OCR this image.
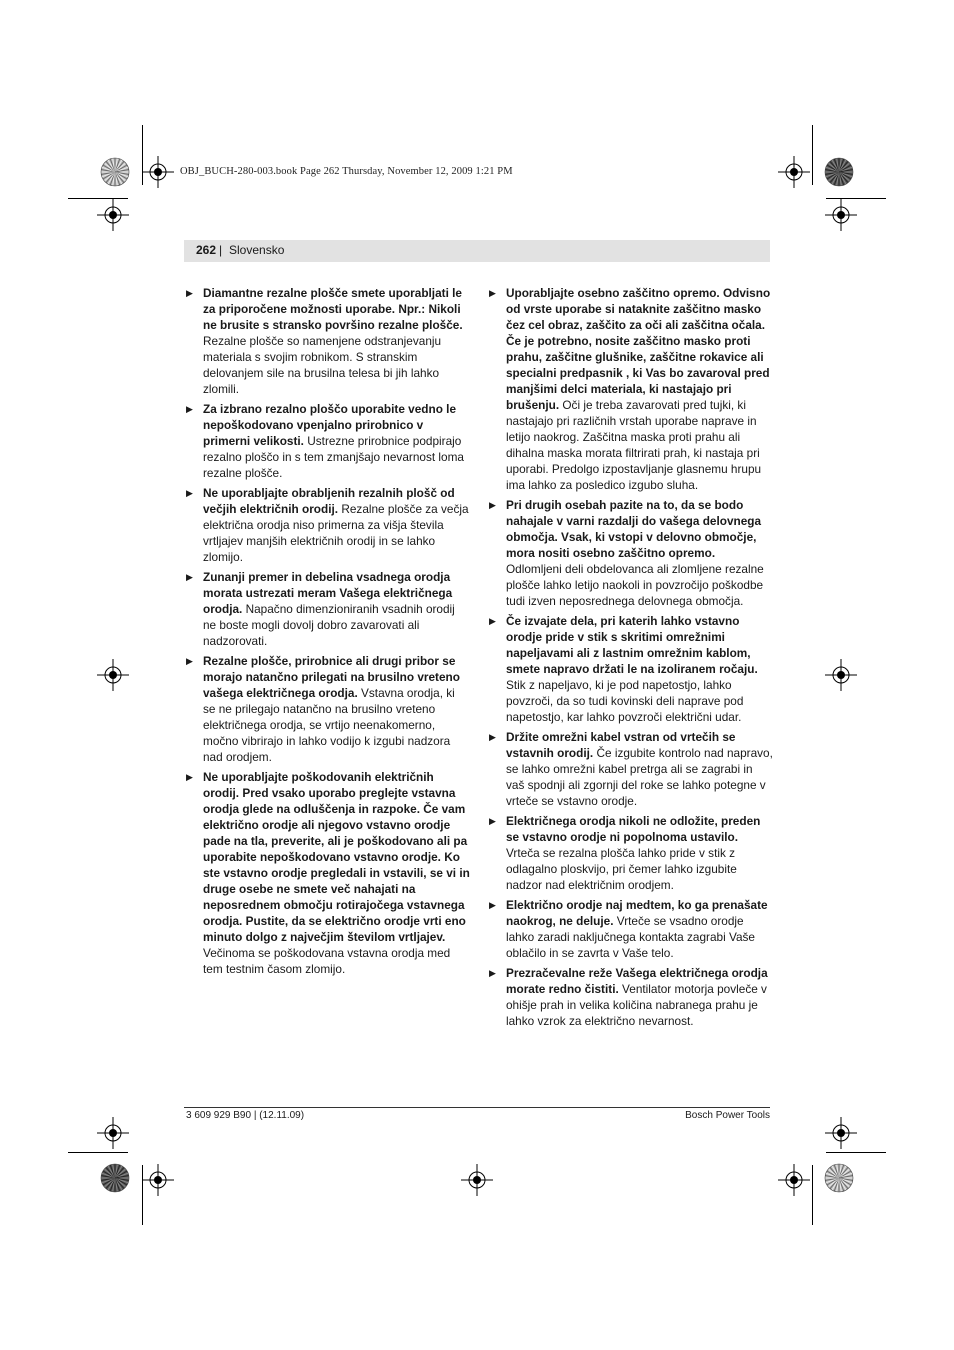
OBJ_BUCH-280-003.book Page 262 Thursday, November 12, 2009 1:21 PM
262 | Slovensko
▶ Diamantne rezalne plošče smete uporabljati le za priporočene možnosti uporabe. Npr.: Nikoli ne brusite s stransko površino rezalne plošče. Rezalne plošče so namenjene odstranjevanju materiala s svojim robnikom. S stranskim delovanjem sile na brusilna telesa bi jih lahko zlomili.
▶ Za izbrano rezalno ploščo uporabite vedno le nepoškodovano vpenjalno prirobnico v primerni velikosti. Ustrezne prirobnice podpirajo rezalno ploščo in s tem zmanjšajo nevarnost loma rezalne plošče.
▶ Ne uporabljajte obrabljenih rezalnih plošč od večjih električnih orodij. Rezalne plošče za večja električna orodja niso primerna za višja števila vrtljajev manjših električnih orodij in se lahko zlomijo.
▶ Zunanji premer in debelina vsadnega orodja morata ustrezati meram Vašega električnega orodja. Napačno dimenzioniranih vsadnih orodij ne boste mogli dovolj dobro zavarovati ali nadzorovati.
▶ Rezalne plošče, prirobnice ali drugi pribor se morajo natančno prilegati na brusilno vreteno vašega električnega orodja. Vstavna orodja, ki se ne prilegajo natančno na brusilno vreteno električnega orodja, se vrtijo neenakomerno, močno vibrirajo in lahko vodijo k izgubi nadzora nad orodjem.
▶ Ne uporabljajte poškodovanih električnih orodij. Pred vsako uporabo preglejte vstavna orodja glede na odluščenja in razpoke. Če vam električno orodje ali njegovo vstavno orodje pade na tla, preverite, ali je poškodovano ali pa uporabite nepoškodovano vstavno orodje. Ko ste vstavno orodje pregledali in vstavili, se vi in druge osebe ne smete več nahajati na neposrednem območju rotirajočega vstavnega orodja. Pustite, da se električno orodje vrti eno minuto dolgo z največjim številom vrtljajev. Večinoma se poškodovana vstavna orodja med tem testnim časom zlomijo.
▶ Uporabljajte osebno zaščitno opremo. Odvisno od vrste uporabe si nataknite zaščitno masko čez cel obraz, zaščito za oči ali zaščitna očala. Če je potrebno, nosite zaščitno masko proti prahu, zaščitne glušnike, zaščitne rokavice ali specialni predpasnik , ki Vas bo zavaroval pred manjšimi delci materiala, ki nastajajo pri brušenju. Oči je treba zavarovati pred tujki, ki nastajajo pri različnih vrstah uporabe naprave in letijo naokrog. Zaščitna maska proti prahu ali dihalna maska morata filtrirati prah, ki nastaja pri uporabi. Predolgo izpostavljanje glasnemu hrupu ima lahko za posledico izgubo sluha.
▶ Pri drugih osebah pazite na to, da se bodo nahajale v varni razdalji do vašega delovnega območja. Vsak, ki vstopi v delovno območje, mora nositi osebno zaščitno opremo. Odlomljeni deli obdelovanca ali zlomljene rezalne plošče lahko letijo naokoli in povzročijo poškodbe tudi izven neposrednega delovnega območja.
▶ Če izvajate dela, pri katerih lahko vstavno orodje pride v stik s skritimi omrežnimi napeljavami ali z lastnim omrežnim kablom, smete napravo držati le na izoliranem ročaju. Stik z napeljavo, ki je pod napetostjo, lahko povzroči, da so tudi kovinski deli naprave pod napetostjo, kar lahko povzroči električni udar.
▶ Držite omrežni kabel vstran od vrtečih se vstavnih orodij. Če izgubite kontrolo nad napravo, se lahko omrežni kabel pretrga ali se zagrabi in vaš spodnji ali zgornji del roke se lahko potegne v vrteče se vstavno orodje.
▶ Električnega orodja nikoli ne odložite, preden se vstavno orodje ni popolnoma ustavilo. Vrteča se rezalna plošča lahko pride v stik z odlagalno ploskvijo, pri čemer lahko izgubite nadzor nad električnim orodjem.
▶ Električno orodje naj medtem, ko ga prenašate naokrog, ne deluje. Vrteče se vsadno orodje lahko zaradi naključnega kontakta zagrabi Vaše oblačilo in se zavrta v Vaše telo.
▶ Prezračevalne reže Vašega električnega orodja morate redno čistiti. Ventilator motorja povleče v ohišje prah in velika količina nabranega prahu je lahko vzrok za električno nevarnost.
3 609 929 B90 | (12.11.09)	Bosch Power Tools
